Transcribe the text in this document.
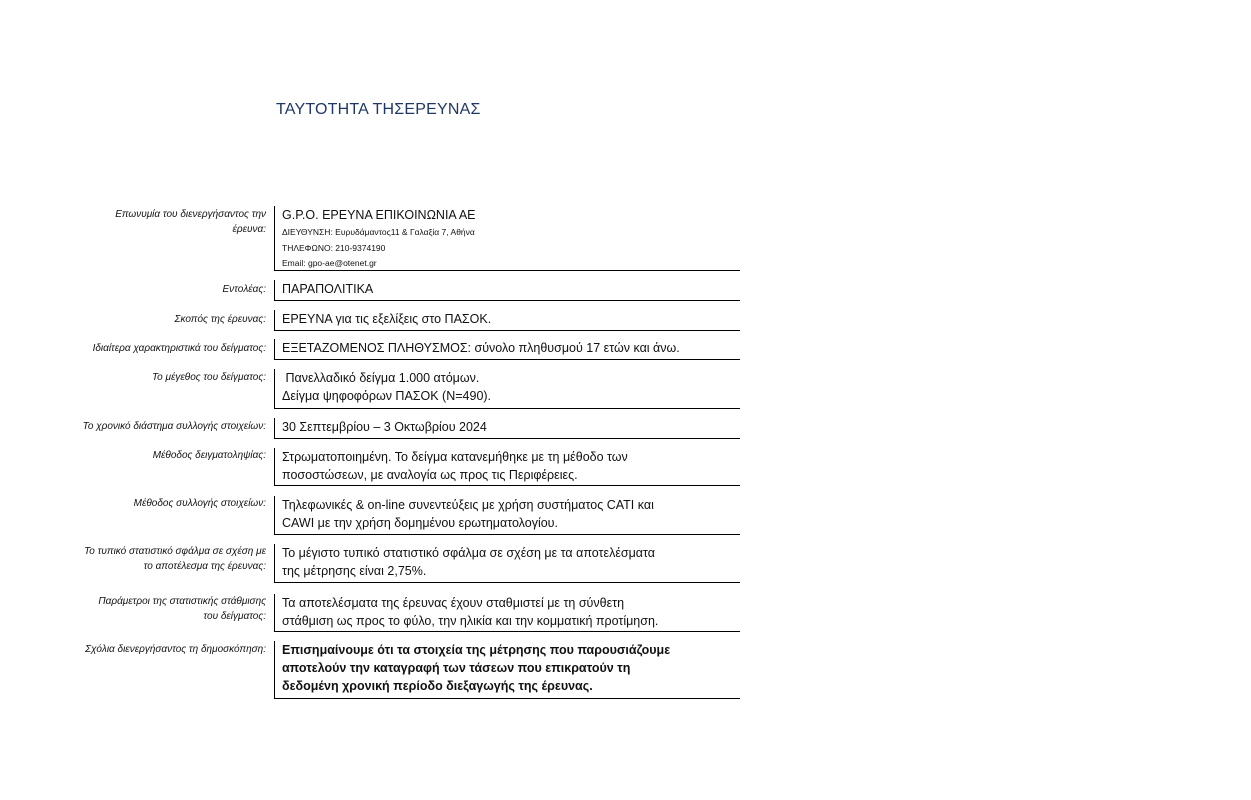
ΤΑΥΤΟΤΗΤΑ ΤΗΣΕΡΕΥΝΑΣ
Επωνυμία του διενεργήσαντος την
έρευνα:
G.P.O. ΕΡΕΥΝΑ ΕΠΙΚΟΙΝΩΝΙΑ ΑΕ
ΔΙΕΥΘΥΝΣΗ: Ευρυδάμαντος11 & Γαλαξία 7, Αθήνα
ΤΗΛΕΦΩΝΟ: 210-9374190
Email: gpo-ae@otenet.gr
Εντολέας: ΠΑΡΑΠΟΛΙΤΙΚΑ
Σκοπός της έρευνας: ΕΡΕΥΝΑ για τις εξελίξεις στο ΠΑΣΟΚ.
Ιδιαίτερα χαρακτηριστικά του δείγματος: ΕΞΕΤΑΖΟΜΕΝΟΣ ΠΛΗΘΥΣΜΟΣ: σύνολο πληθυσμού 17 ετών και άνω.
Το μέγεθος του δείγματος: Πανελλαδικό δείγμα 1.000 ατόμων.
Δείγμα ψηφοφόρων ΠΑΣΟΚ (Ν=490).
Το χρονικό διάστημα συλλογής στοιχείων: 30 Σεπτεμβρίου – 3 Οκτωβρίου 2024
Μέθοδος δειγματοληψίας: Στρωματοποιημένη. Το δείγμα κατανεμήθηκε με τη μέθοδο των
ποσοστώσεων, με αναλογία ως προς τις Περιφέρειες.
Μέθοδος συλλογής στοιχείων: Τηλεφωνικές & on-line συνεντεύξεις με χρήση συστήματος CATI και
CAWI με την χρήση δομημένου ερωτηματολογίου.
Το τυπικό στατιστικό σφάλμα σε σχέση με
το αποτέλεσμα της έρευνας:
Το μέγιστο τυπικό στατιστικό σφάλμα σε σχέση με τα αποτελέσματα
της μέτρησης είναι 2,75%.
Παράμετροι της στατιστικής στάθμισης
του δείγματος:
Τα αποτελέσματα της έρευνας έχουν σταθμιστεί με τη σύνθετη
στάθμιση ως προς το φύλο, την ηλικία και την κομματική προτίμηση.
Σχόλια διενεργήσαντος τη δημοσκόπηση: Επισημαίνουμε ότι τα στοιχεία της μέτρησης που παρουσιάζουμε
αποτελούν την καταγραφή των τάσεων που επικρατούν τη
δεδομένη χρονική περίοδο διεξαγωγής της έρευνας.
